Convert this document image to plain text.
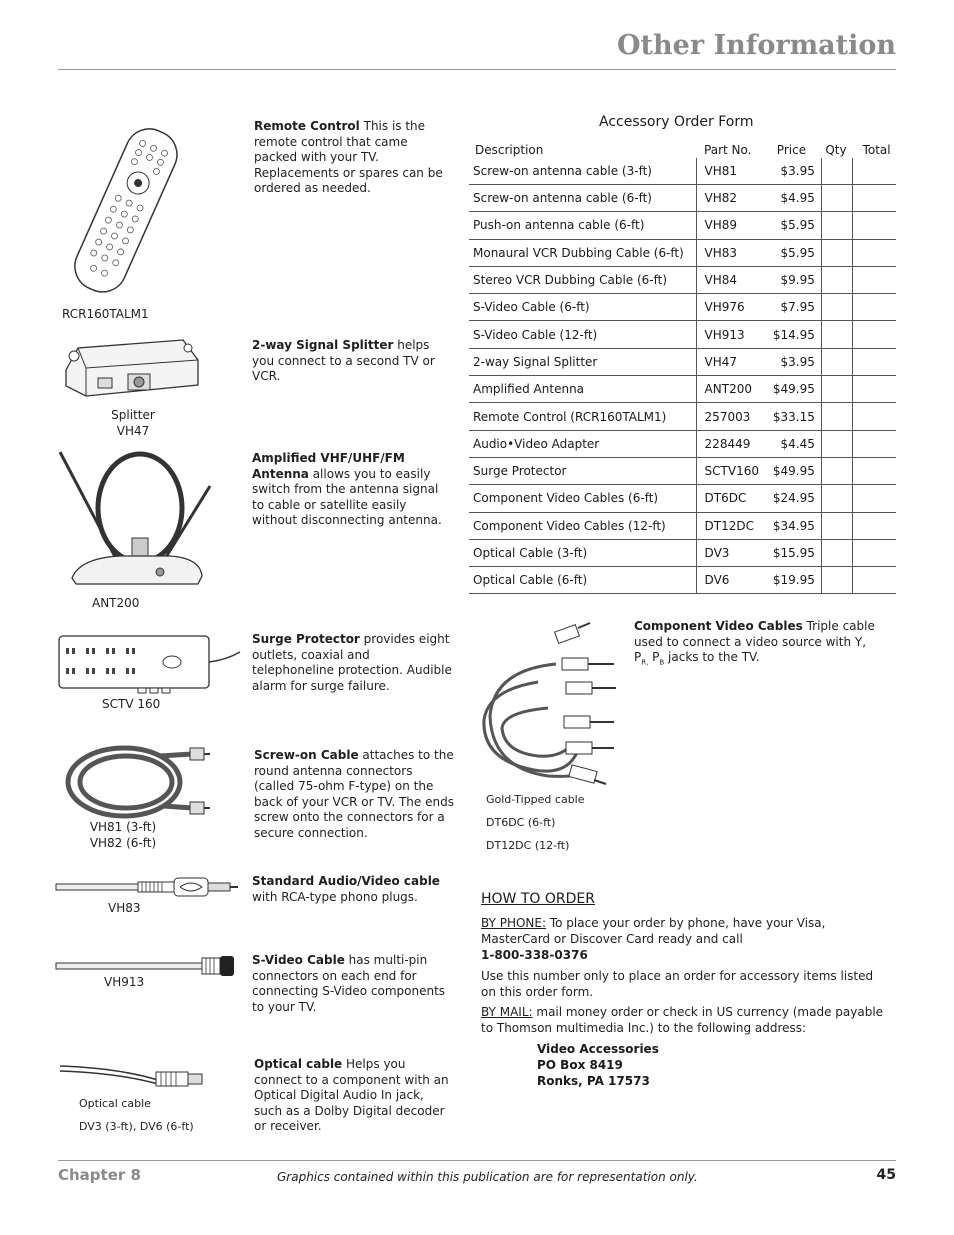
Other Information
Chapter 8	Graphics contained within this publication are for representation only.	45
RCR160TALM1
Remote Control This is the remote control that came packed with your TV. Replacements or spares can be ordered as needed.
Splitter
VH47
2-way Signal Splitter helps you connect to a second TV or VCR.
ANT200
Amplified VHF/UHF/FM Antenna allows you to easily switch from the antenna signal to cable or satellite easily without disconnecting antenna.
SCTV 160
Surge Protector provides eight outlets, coaxial and telephoneline protection. Audible alarm for surge failure.
VH81 (3-ft)
VH82 (6-ft)
Screw-on Cable attaches to the round antenna connectors (called 75-ohm F-type) on the back of your VCR or TV. The ends screw onto the connectors for a secure connection.
VH83
Standard Audio/Video cable with RCA-type phono plugs.
VH913
S-Video Cable has multi-pin connectors on each end for connecting S-Video components to your TV.
Optical cable
DV3 (3-ft), DV6 (6-ft)
Optical cable Helps you connect to a component with an Optical Digital Audio In jack, such as a Dolby Digital decoder or receiver.
Accessory Order Form
Description	Part No.	Price	Qty	Total
Screw-on antenna cable (3-ft)	VH81	$3.95		
Screw-on antenna cable (6-ft)	VH82	$4.95		
Push-on antenna cable (6-ft)	VH89	$5.95		
Monaural VCR Dubbing Cable (6-ft)	VH83	$5.95		
Stereo VCR Dubbing Cable (6-ft)	VH84	$9.95		
S-Video Cable (6-ft)	VH976	$7.95		
S-Video Cable (12-ft)	VH913	$14.95		
2-way Signal Splitter	VH47	$3.95		
Amplified Antenna	ANT200	$49.95		
Remote Control (RCR160TALM1)	257003	$33.15		
Audio•Video Adapter	228449	$4.45		
Surge Protector	SCTV160	$49.95		
Component Video Cables (6-ft)	DT6DC	$24.95		
Component Video Cables (12-ft)	DT12DC	$34.95		
Optical Cable (3-ft)	DV3	$15.95		
Optical Cable (6-ft)	DV6	$19.95		
Gold-Tipped cable
DT6DC (6-ft)
DT12DC (12-ft)
Component Video Cables Triple cable used to connect a video source with Y, $P_{R,}$ $P_B$ jacks to the TV.
HOW TO ORDER
BY PHONE: To place your order by phone, have your Visa, MasterCard or Discover Card ready and call
1-800-338-0376
Use this number only to place an order for accessory items listed on this order form.
BY MAIL: mail money order or check in US currency (made payable to Thomson multimedia Inc.) to the following address:
Video Accessories
PO Box 8419
Ronks, PA 17573
